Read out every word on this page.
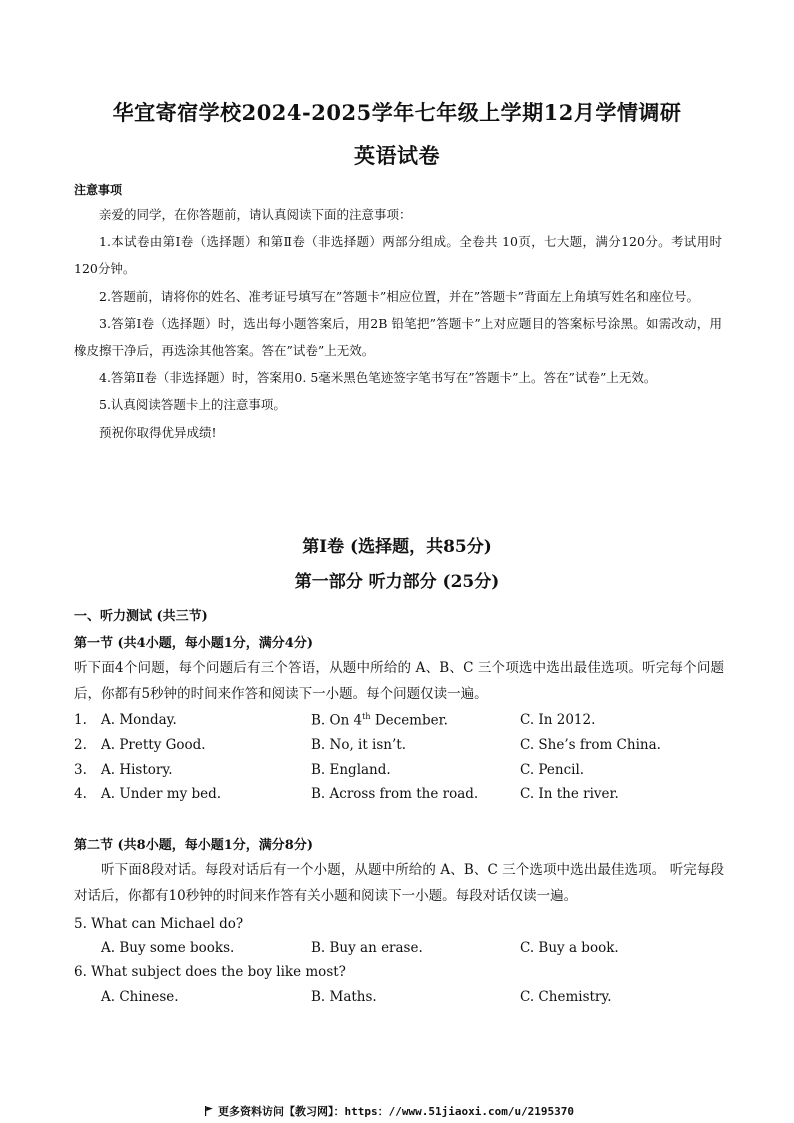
华宜寄宿学校2024-2025学年七年级上学期12月学情调研
英语试卷
注意事项

亲爱的同学，在你答题前，请认真阅读下面的注意事项：

1.本试卷由第Ⅰ卷（选择题）和第Ⅱ卷（非选择题）两部分组成。全卷共 10页，七大题，满分120分。考试用时120分钟。

2.答题前，请将你的姓名、准考证号填写在”答题卡”相应位置，并在”答题卡”背面左上角填写姓名和座位号。

3.答第Ⅰ卷（选择题）时，选出每小题答案后，用2B 铅笔把”答题卡”上对应题目的答案标号涂黑。如需改动，用橡皮擦干净后，再选涂其他答案。答在”试卷”上无效。

4.答第Ⅱ卷（非选择题）时，答案用0. 5毫米黑色笔迹签字笔书写在”答题卡”上。答在”试卷”上无效。

5.认真阅读答题卡上的注意事项。

预祝你取得优异成绩!

第Ⅰ卷 (选择题，共85分)
第一部分 听力部分 (25分)
一、听力测试 (共三节)
第一节 (共4小题，每小题1分，满分4分)
听下面4个问题，每个问题后有三个答语，从题中所给的 A、B、C 三个项选中选出最佳选项。听完每个问题后，你都有5秒钟的时间来作答和阅读下一小题。每个问题仅读一遍。
1. A. Monday.	B. On 4th December.	C. In 2012.
2. A. Pretty Good.	B. No, it isn’t.	C. She’s from China.
3. A. History.	B. England.	C. Pencil.
4. A. Under my bed.	B. Across from the road.	C. In the river.
第二节 (共8小题，每小题1分，满分8分)
听下面8段对话。每段对话后有一个小题，从题中所给的 A、B、C 三个选项中选出最佳选项。 听完每段对话后，你都有10秒钟的时间来作答有关小题和阅读下一小题。每段对话仅读一遍。
5. What can Michael do?
A. Buy some books.	B. Buy an erase.	C. Buy a book.
6. What subject does the boy like most?
A. Chinese.	B. Maths.	C. Chemistry.
更多资料访问【教习网】：https：//www.51jiaoxi.com/u/2195370
